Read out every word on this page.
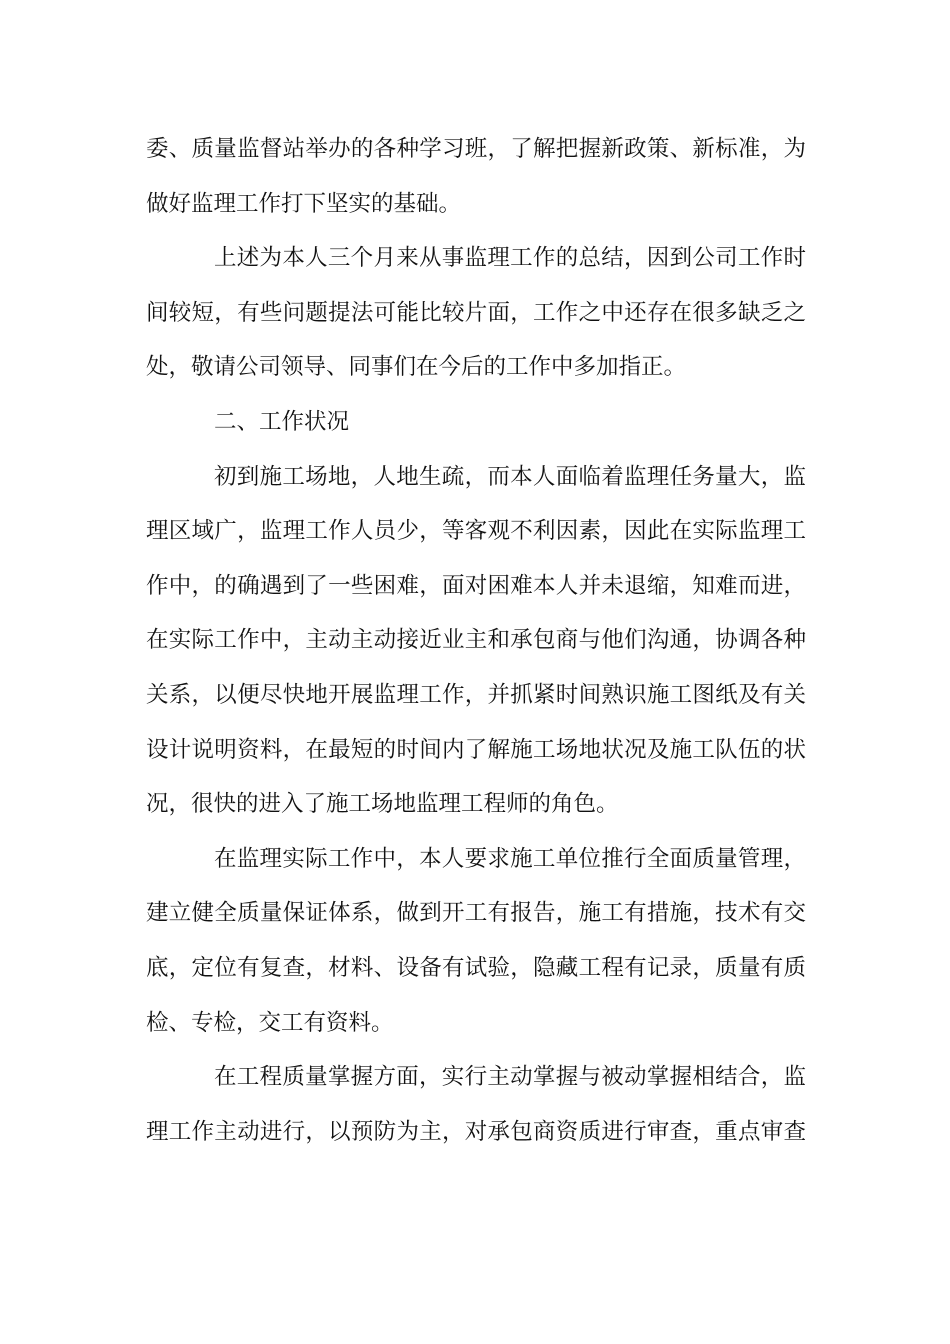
委、质量监督站举办的各种学习班，了解把握新政策、新标准，为
做好监理工作打下坚实的基础。
上述为本人三个月来从事监理工作的总结，因到公司工作时
间较短，有些问题提法可能比较片面，工作之中还存在很多缺乏之
处，敬请公司领导、同事们在今后的工作中多加指正。
二、工作状况
初到施工场地，人地生疏，而本人面临着监理任务量大，监
理区域广，监理工作人员少，等客观不利因素，因此在实际监理工
作中，的确遇到了一些困难，面对困难本人并未退缩，知难而进，
在实际工作中，主动主动接近业主和承包商与他们沟通，协调各种
关系，以便尽快地开展监理工作，并抓紧时间熟识施工图纸及有关
设计说明资料，在最短的时间内了解施工场地状况及施工队伍的状
况，很快的进入了施工场地监理工程师的角色。
在监理实际工作中，本人要求施工单位推行全面质量管理，
建立健全质量保证体系，做到开工有报告，施工有措施，技术有交
底，定位有复查，材料、设备有试验，隐藏工程有记录，质量有质
检、专检，交工有资料。
在工程质量掌握方面，实行主动掌握与被动掌握相结合，监
理工作主动进行，以预防为主，对承包商资质进行审查，重点审查
